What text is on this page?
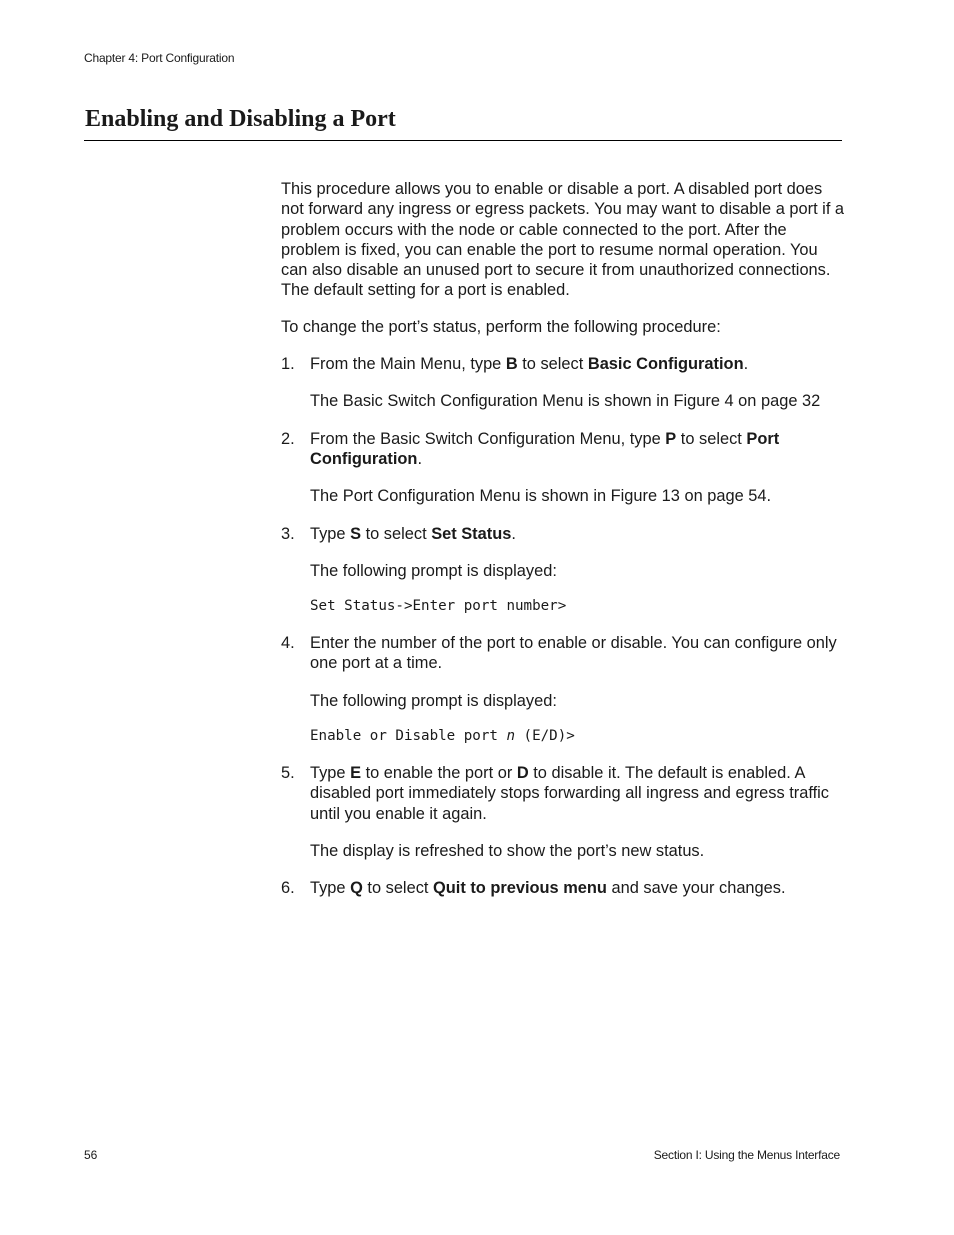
Chapter 4: Port Configuration
Enabling and Disabling a Port

This procedure allows you to enable or disable a port. A disabled port does not forward any ingress or egress packets. You may want to disable a port if a problem occurs with the node or cable connected to the port. After the problem is fixed, you can enable the port to resume normal operation. You can also disable an unused port to secure it from unauthorized connections. The default setting for a port is enabled.

To change the port’s status, perform the following procedure:

1. From the Main Menu, type B to select Basic Configuration.

The Basic Switch Configuration Menu is shown in Figure 4 on page 32

2. From the Basic Switch Configuration Menu, type P to select Port Configuration.

The Port Configuration Menu is shown in Figure 13 on page 54.

3. Type S to select Set Status.

The following prompt is displayed:

Set Status->Enter port number>

4. Enter the number of the port to enable or disable. You can configure only one port at a time.

The following prompt is displayed:

Enable or Disable port n (E/D)>

5. Type E to enable the port or D to disable it. The default is enabled. A disabled port immediately stops forwarding all ingress and egress traffic until you enable it again.

The display is refreshed to show the port’s new status.

6. Type Q to select Quit to previous menu and save your changes.

56	Section I: Using the Menus Interface
